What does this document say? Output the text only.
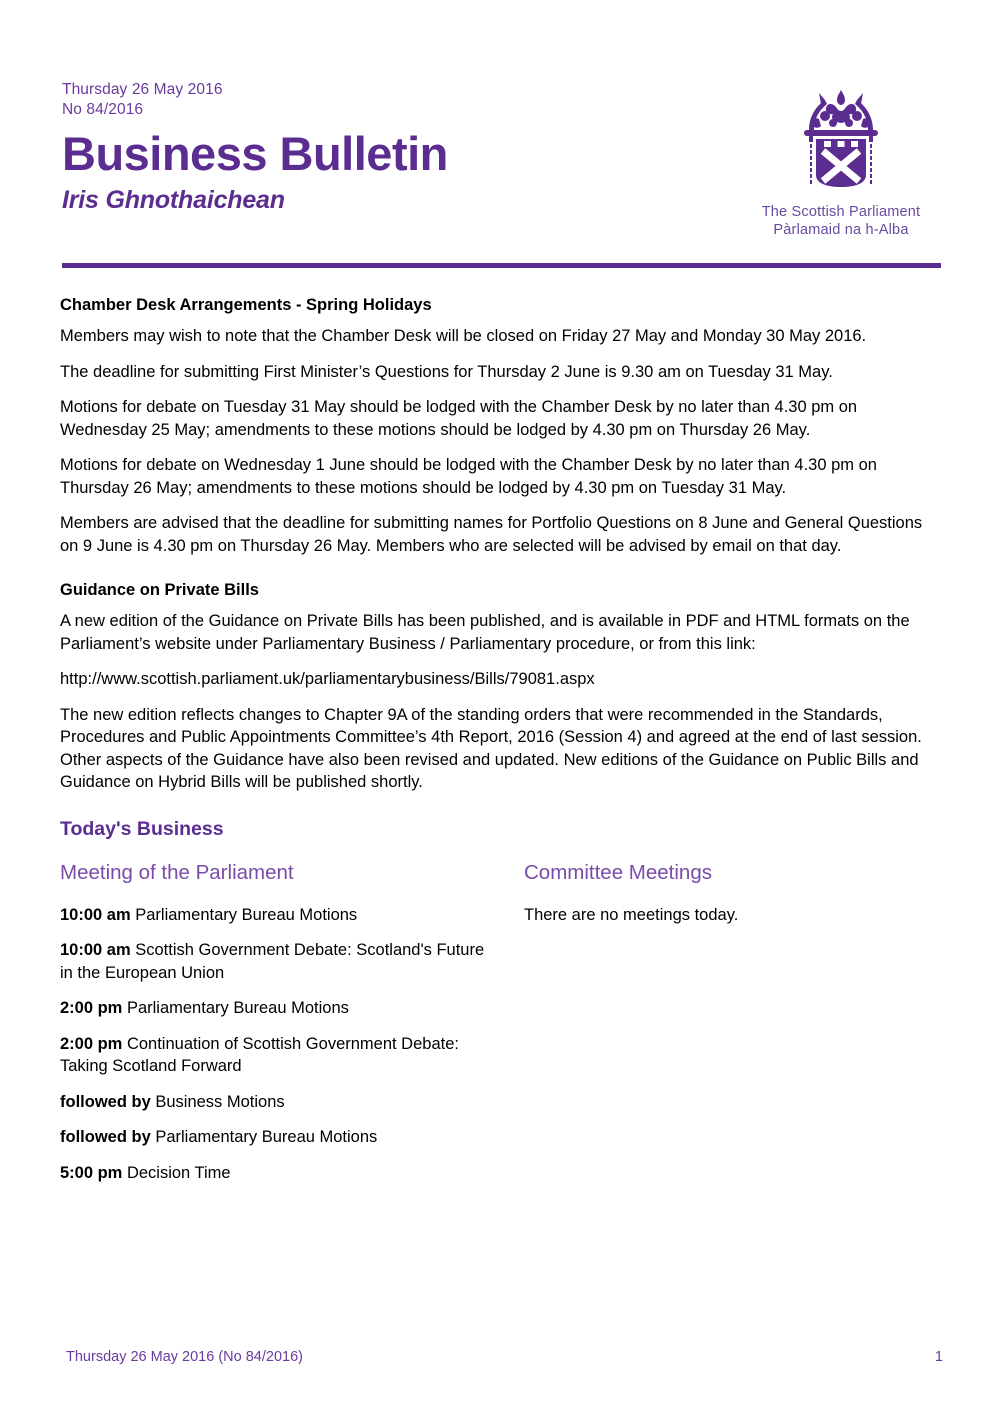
Thursday 26 May 2016
No 84/2016
Business Bulletin
Iris Ghnothaichean	The Scottish Parliament
Pàrlamaid na h-Alba
Chamber Desk Arrangements - Spring Holidays

Members may wish to note that the Chamber Desk will be closed on Friday 27 May and Monday 30 May 2016.

The deadline for submitting First Minister’s Questions for Thursday 2 June is 9.30 am on Tuesday 31 May.

Motions for debate on Tuesday 31 May should be lodged with the Chamber Desk by no later than 4.30 pm on Wednesday 25 May; amendments to these motions should be lodged by 4.30 pm on Thursday 26 May.

Motions for debate on Wednesday 1 June should be lodged with the Chamber Desk by no later than 4.30 pm on Thursday 26 May; amendments to these motions should be lodged by 4.30 pm on Tuesday 31 May.

Members are advised that the deadline for submitting names for Portfolio Questions on 8 June and General Questions on 9 June is 4.30 pm on Thursday 26 May. Members who are selected will be advised by email on that day.

Guidance on Private Bills

A new edition of the Guidance on Private Bills has been published, and is available in PDF and HTML formats on the Parliament’s website under Parliamentary Business / Parliamentary procedure, or from this link:

http://www.scottish.parliament.uk/parliamentarybusiness/Bills/79081.aspx

The new edition reflects changes to Chapter 9A of the standing orders that were recommended in the Standards, Procedures and Public Appointments Committee’s 4th Report, 2016 (Session 4) and agreed at the end of last session. Other aspects of the Guidance have also been revised and updated. New editions of the Guidance on Public Bills and Guidance on Hybrid Bills will be published shortly.

Today's Business
Meeting of the Parliament

10:00 am Parliamentary Bureau Motions

10:00 am Scottish Government Debate: Scotland's Future in the European Union

2:00 pm Parliamentary Bureau Motions

2:00 pm Continuation of Scottish Government Debate: Taking Scotland Forward

followed by Business Motions

followed by Parliamentary Bureau Motions

5:00 pm Decision Time

Committee Meetings

There are no meetings today.

Thursday 26 May 2016 (No 84/2016)	1
